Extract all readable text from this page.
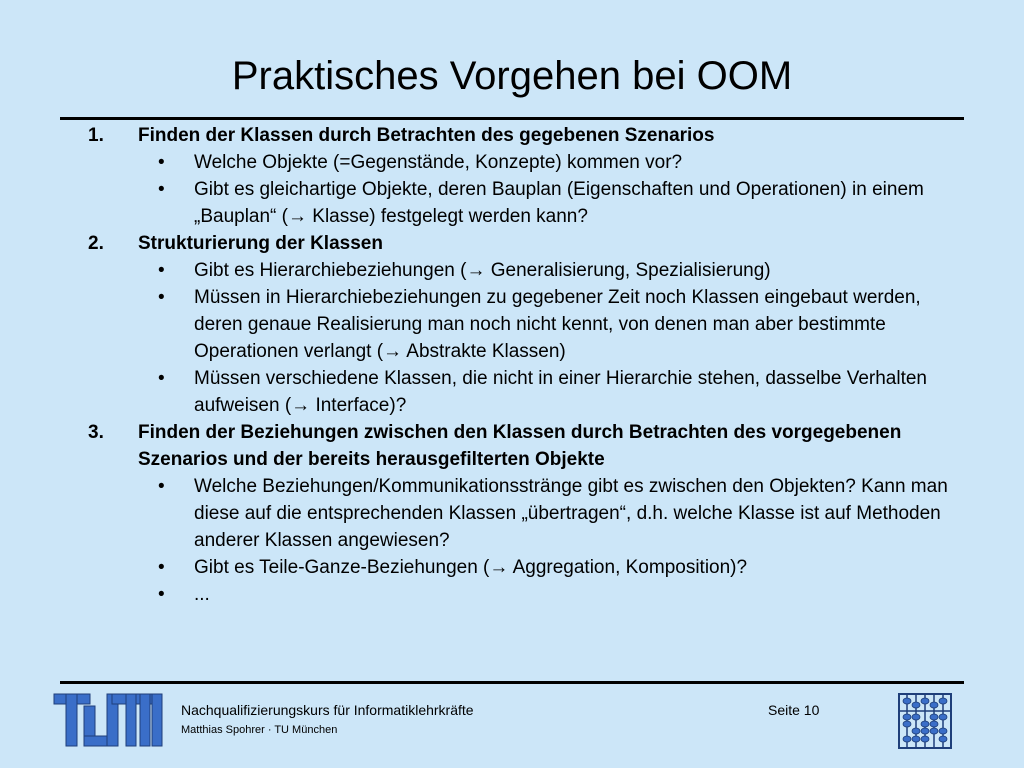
Praktisches Vorgehen bei OOM
1. Finden der Klassen durch Betrachten des gegebenen Szenarios
• Welche Objekte (=Gegenstände, Konzepte) kommen vor?
• Gibt es gleichartige Objekte, deren Bauplan (Eigenschaften und Operationen) in einem „Bauplan“ (→ Klasse) festgelegt werden kann?
2. Strukturierung der Klassen
• Gibt es Hierarchiebeziehungen (→ Generalisierung, Spezialisierung)
• Müssen in Hierarchiebeziehungen zu gegebener Zeit noch Klassen eingebaut werden, deren genaue Realisierung man noch nicht kennt, von denen man aber bestimmte Operationen verlangt (→ Abstrakte Klassen)
• Müssen verschiedene Klassen, die nicht in einer Hierarchie stehen, dasselbe Verhalten aufweisen (→ Interface)?
3. Finden der Beziehungen zwischen den Klassen durch Betrachten des vorgegebenen Szenarios und der bereits herausgefilterten Objekte
• Welche Beziehungen/Kommunikationsstränge gibt es zwischen den Objekten? Kann man diese auf die entsprechenden Klassen „übertragen“, d.h. welche Klasse ist auf Methoden anderer Klassen angewiesen?
• Gibt es Teile-Ganze-Beziehungen (→ Aggregation, Komposition)?
• ...
Nachqualifizierungskurs für Informatiklehrkräfte
Matthias Spohrer · TU München
Seite 10
